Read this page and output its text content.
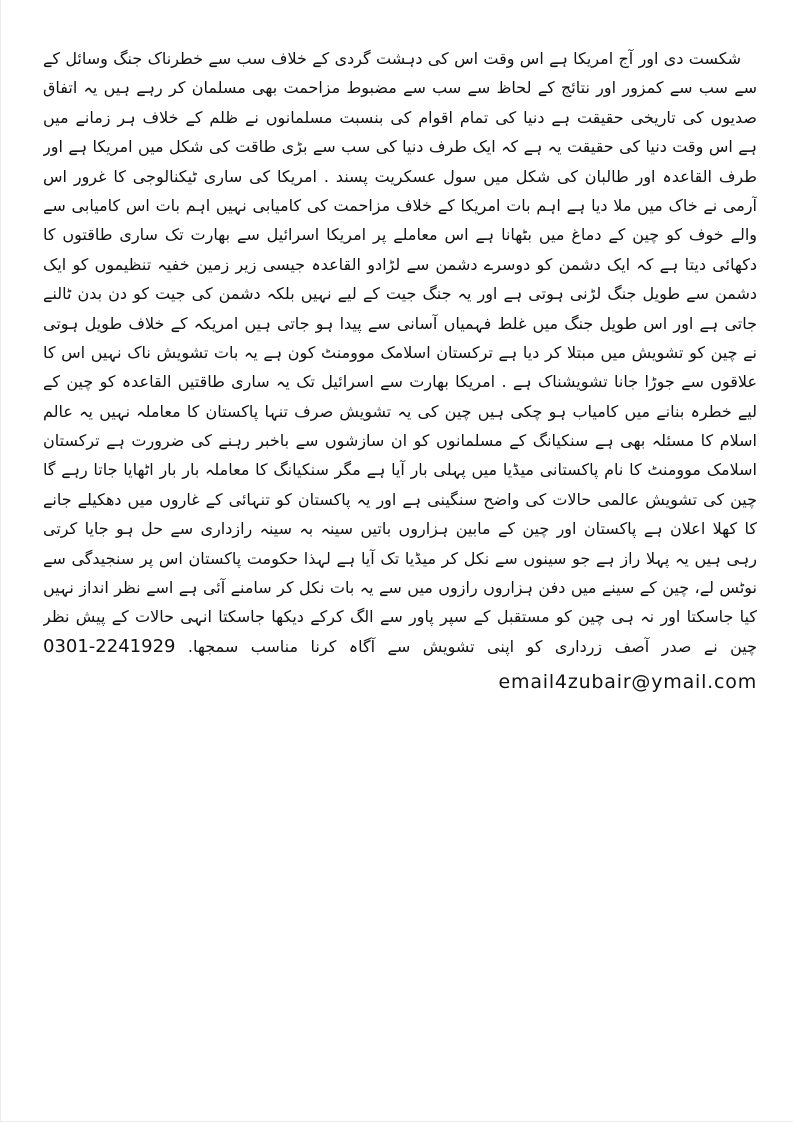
شکست دی اور آج امریکا ہے اس وقت اس کی دہشت گردی کے خلاف سب سے خطرناک جنگ وسائل کے
سے سب سے کمزور اور نتائج کے لحاظ سے سب سے مضبوط مزاحمت بھی مسلمان کر رہے ہیں یہ اتفاق
صدیوں کی تاریخی حقیقت ہے دنیا کی تمام اقوام کی بنسبت مسلمانوں نے ظلم کے خلاف ہر زمانے میں
ہے اس وقت دنیا کی حقیقت یہ ہے کہ ایک طرف دنیا کی سب سے بڑی طاقت کی شکل میں امریکا ہے اور
طرف القاعدہ اور طالبان کی شکل میں سول عسکریت پسند . امریکا کی ساری ٹیکنالوجی کا غرور اس
آرمی نے خاک میں ملا دیا ہے اہم بات امریکا کے خلاف مزاحمت کی کامیابی نہیں اہم بات اس کامیابی سے
والے خوف کو چین کے دماغ میں بٹھانا ہے اس معاملے پر امریکا اسرائیل سے بھارت تک ساری طاقتوں کا
دکھائی دیتا ہے کہ ایک دشمن کو دوسرے دشمن سے لڑادو القاعدہ جیسی زیر زمین خفیہ تنظیموں کو ایک
دشمن سے طویل جنگ لڑنی ہوتی ہے اور یہ جنگ جیت کے لیے نہیں بلکہ دشمن کی جیت کو دن بدن ٹالنے
جاتی ہے اور اس طویل جنگ میں غلط فہمیاں آسانی سے پیدا ہو جاتی ہیں امریکہ کے خلاف طویل ہوتی
نے چین کو تشویش میں مبتلا کر دیا ہے ترکستان اسلامک موومنٹ کون ہے یہ بات تشویش ناک نہیں اس کا
علاقوں سے جوڑا جانا تشویشناک ہے . امریکا بھارت سے اسرائیل تک یہ ساری طاقتیں القاعدہ کو چین کے
لیے خطرہ بنانے میں کامیاب ہو چکی ہیں چین کی یہ تشویش صرف تنہا پاکستان کا معاملہ نہیں یہ عالم
اسلام کا مسئلہ بھی ہے سنکیانگ کے مسلمانوں کو ان سازشوں سے باخبر رہنے کی ضرورت ہے ترکستان
اسلامک موومنٹ کا نام پاکستانی میڈیا میں پہلی بار آیا ہے مگر سنکیانگ کا معاملہ بار بار اٹھایا جاتا رہے گا
چین کی تشویش عالمی حالات کی واضح سنگینی ہے اور یہ پاکستان کو تنہائی کے غاروں میں دھکیلے جانے
کا کھلا اعلان ہے پاکستان اور چین کے مابین ہزاروں باتیں سینہ بہ سینہ رازداری سے حل ہو جایا کرتی
رہی ہیں یہ پہلا راز ہے جو سینوں سے نکل کر میڈیا تک آیا ہے لہذا حکومت پاکستان اس پر سنجیدگی سے
نوٹس لے، چین کے سینے میں دفن ہزاروں رازوں میں سے یہ بات نکل کر سامنے آئی ہے اسے نظر انداز نہیں
کیا جاسکتا اور نہ ہی چین کو مستقبل کے سپر پاور سے الگ کرکے دیکھا جاسکتا انہی حالات کے پیش نظر
چین نے صدر آصف زرداری کو اپنی تشویش سے آگاہ کرنا مناسب سمجھا. 0301-2241929
email4zubair@ymail.com
